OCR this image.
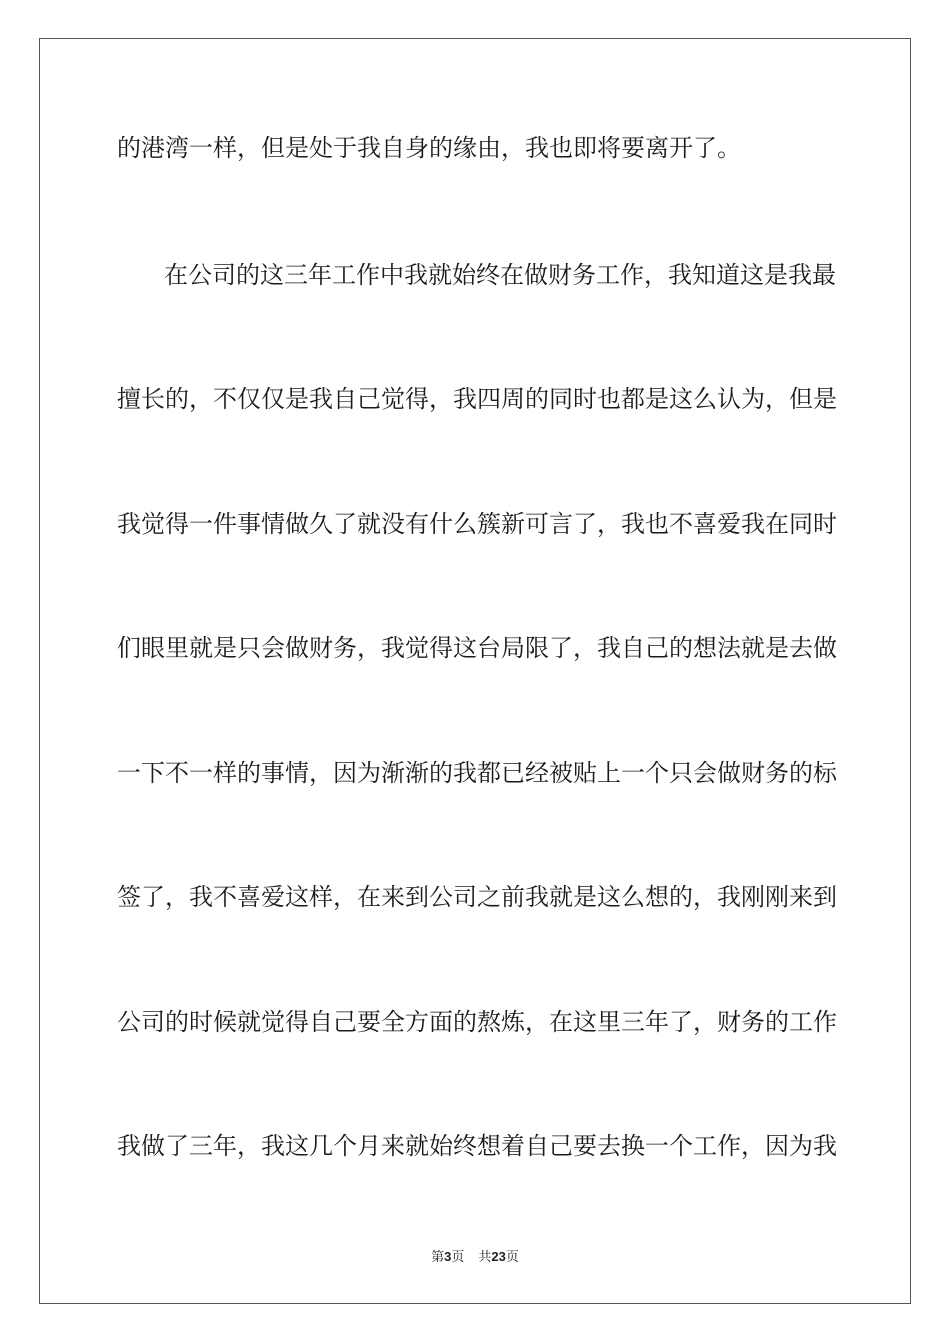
的港湾一样，但是处于我自身的缘由，我也即将要离开了。
在公司的这三年工作中我就始终在做财务工作，我知道这是我最
擅长的，不仅仅是我自己觉得，我四周的同时也都是这么认为，但是
我觉得一件事情做久了就没有什么簇新可言了，我也不喜爱我在同时
们眼里就是只会做财务，我觉得这台局限了，我自己的想法就是去做
一下不一样的事情，因为渐渐的我都已经被贴上一个只会做财务的标
签了，我不喜爱这样，在来到公司之前我就是这么想的，我刚刚来到
公司的时候就觉得自己要全方面的熬炼，在这里三年了，财务的工作
我做了三年，我这几个月来就始终想着自己要去换一个工作，因为我
第3页 共23页
